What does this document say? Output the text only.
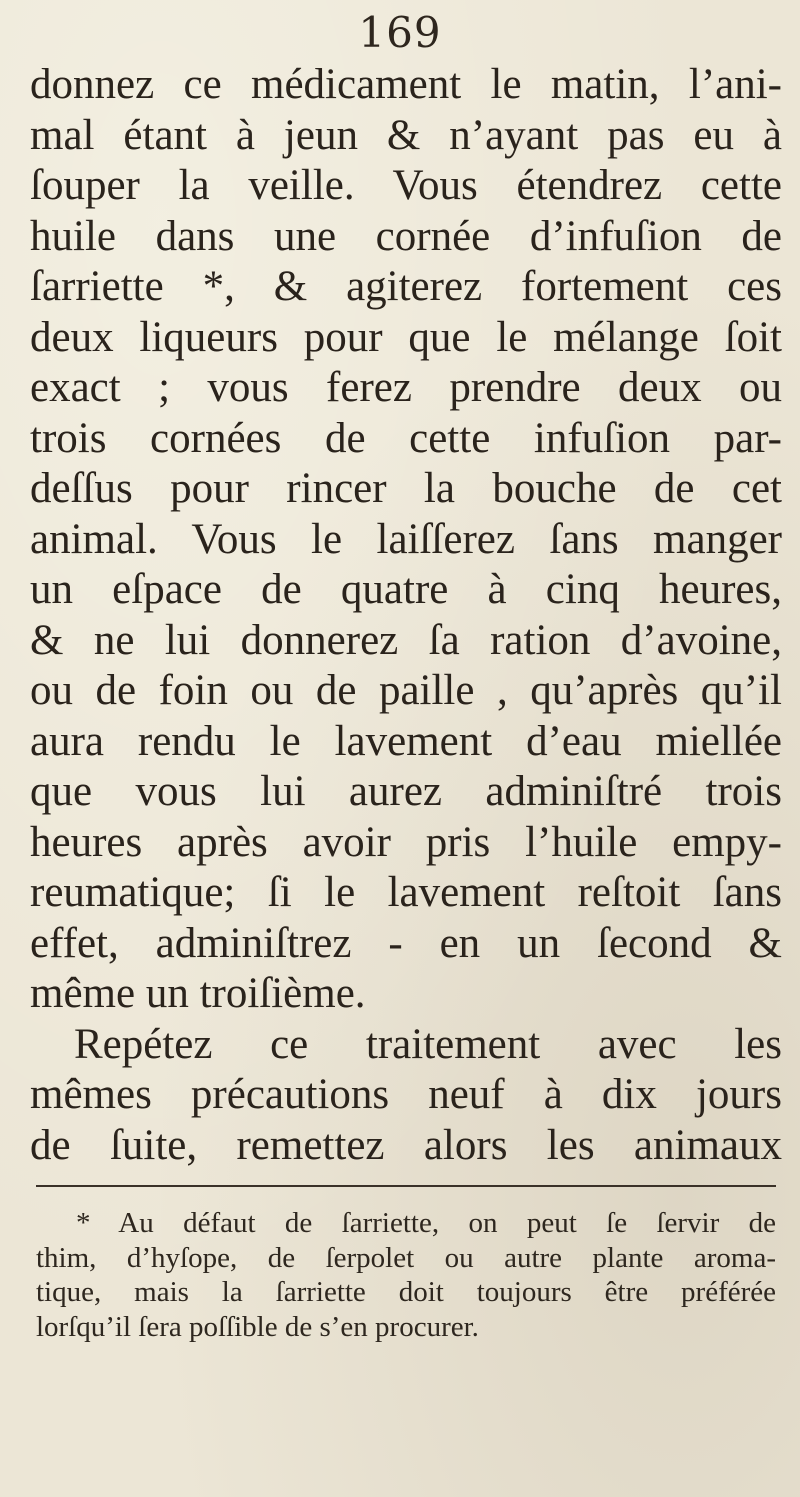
169
donnez ce médicament le matin, l’ani-
mal étant à jeun & n’ayant pas eu à
ſouper la veille. Vous étendrez cette
huile dans une cornée d’infuſion de
ſarriette *, & agiterez fortement ces
deux liqueurs pour que le mélange ſoit
exact ; vous ferez prendre deux ou
trois cornées de cette infuſion par-
deſſus pour rincer la bouche de cet
animal. Vous le laiſſerez ſans manger
un eſpace de quatre à cinq heures,
& ne lui donnerez ſa ration d’avoine,
ou de foin ou de paille , qu’après qu’il
aura rendu le lavement d’eau miellée
que vous lui aurez adminiſtré trois
heures après avoir pris l’huile empy-
reumatique; ſi le lavement reſtoit ſans
effet, adminiſtrez - en un ſecond &
même un troiſième.
Repétez ce traitement avec les
mêmes précautions neuf à dix jours
de ſuite, remettez alors les animaux
* Au défaut de ſarriette, on peut ſe ſervir de
thim, d’hyſope, de ſerpolet ou autre plante aroma-
tique, mais la ſarriette doit toujours être préférée
lorſqu’il ſera poſſible de s’en procurer.
